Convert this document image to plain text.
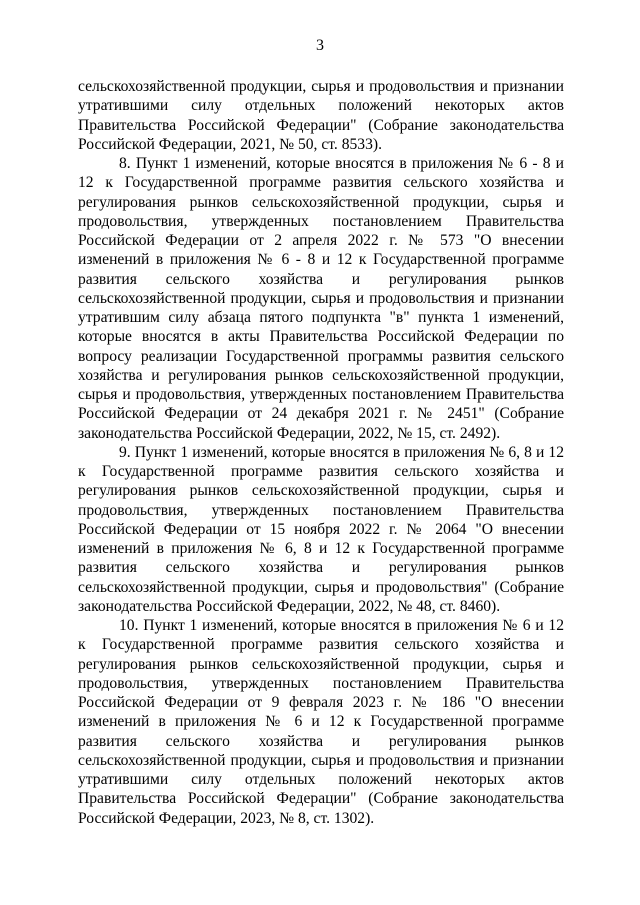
3

сельскохозяйственной продукции, сырья и продовольствия и признании утратившими силу отдельных положений некоторых актов Правительства Российской Федерации" (Собрание законодательства Российской Федерации, 2021, № 50, ст. 8533).

8. Пункт 1 изменений, которые вносятся в приложения № 6 - 8 и 12 к Государственной программе развития сельского хозяйства и регулирования рынков сельскохозяйственной продукции, сырья и продовольствия, утвержденных постановлением Правительства Российской Федерации от 2 апреля 2022 г. № 573 "О внесении изменений в приложения № 6 - 8 и 12 к Государственной программе развития сельского хозяйства и регулирования рынков сельскохозяйственной продукции, сырья и продовольствия и признании утратившим силу абзаца пятого подпункта "в" пункта 1 изменений, которые вносятся в акты Правительства Российской Федерации по вопросу реализации Государственной программы развития сельского хозяйства и регулирования рынков сельскохозяйственной продукции, сырья и продовольствия, утвержденных постановлением Правительства Российской Федерации от 24 декабря 2021 г. № 2451" (Собрание законодательства Российской Федерации, 2022, № 15, ст. 2492).

9. Пункт 1 изменений, которые вносятся в приложения № 6, 8 и 12 к Государственной программе развития сельского хозяйства и регулирования рынков сельскохозяйственной продукции, сырья и продовольствия, утвержденных постановлением Правительства Российской Федерации от 15 ноября 2022 г. № 2064 "О внесении изменений в приложения № 6, 8 и 12 к Государственной программе развития сельского хозяйства и регулирования рынков сельскохозяйственной продукции, сырья и продовольствия" (Собрание законодательства Российской Федерации, 2022, № 48, ст. 8460).

10. Пункт 1 изменений, которые вносятся в приложения № 6 и 12 к Государственной программе развития сельского хозяйства и регулирования рынков сельскохозяйственной продукции, сырья и продовольствия, утвержденных постановлением Правительства Российской Федерации от 9 февраля 2023 г. № 186 "О внесении изменений в приложения № 6 и 12 к Государственной программе развития сельского хозяйства и регулирования рынков сельскохозяйственной продукции, сырья и продовольствия и признании утратившими силу отдельных положений некоторых актов Правительства Российской Федерации" (Собрание законодательства Российской Федерации, 2023, № 8, ст. 1302).
